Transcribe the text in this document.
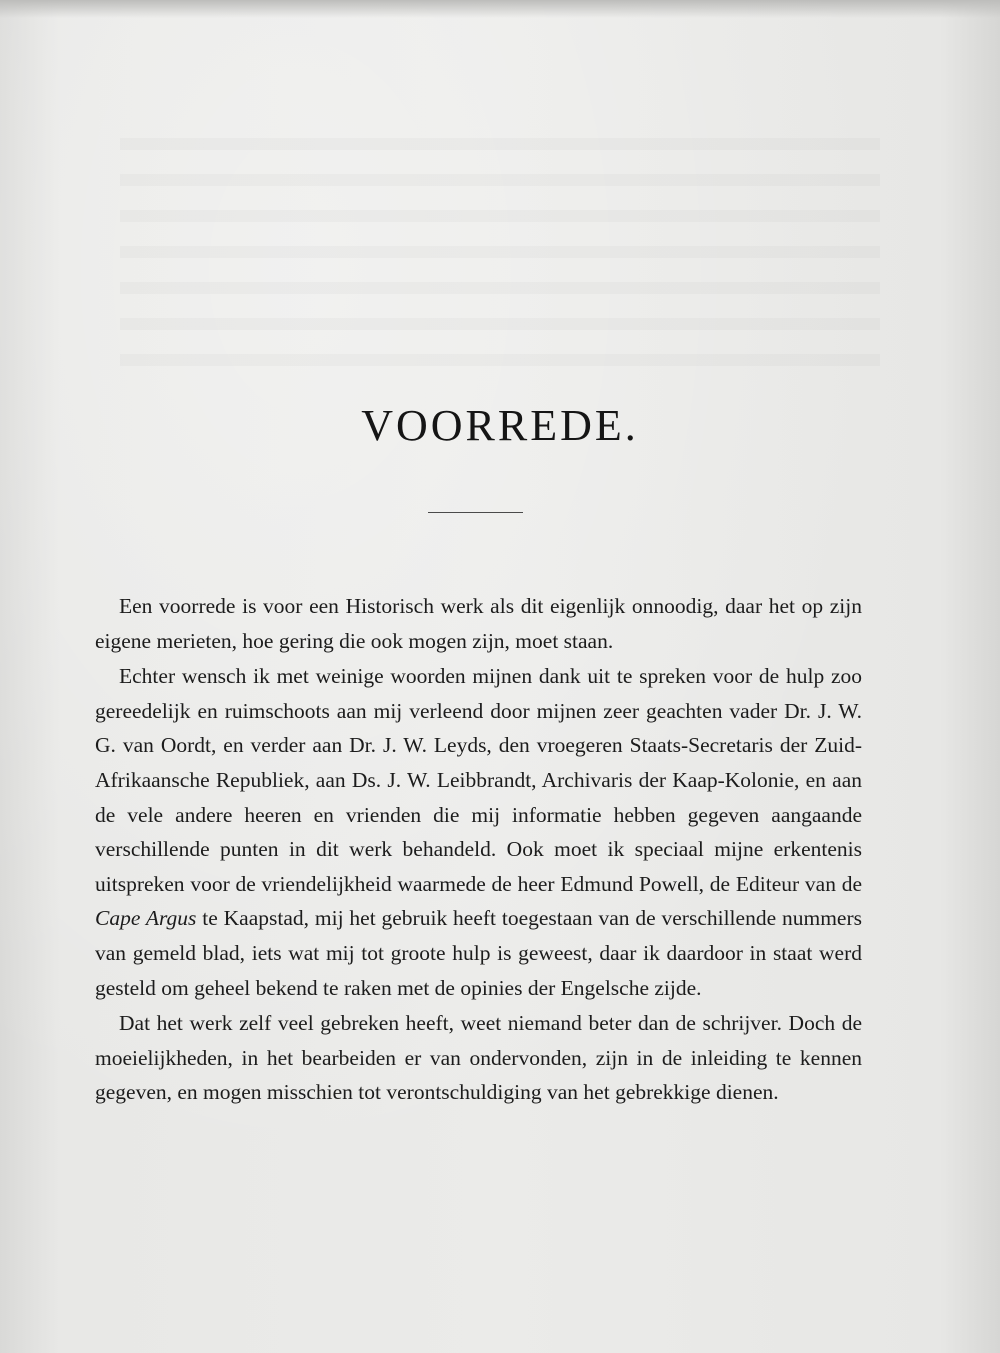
VOORREDE.

Een voorrede is voor een Historisch werk als dit eigenlijk onnoodig, daar het op zijn eigene merieten, hoe gering die ook mogen zijn, moet staan.

Echter wensch ik met weinige woorden mijnen dank uit te spreken voor de hulp zoo gereedelijk en ruimschoots aan mij verleend door mijnen zeer geachten vader Dr. J. W. G. van Oordt, en verder aan Dr. J. W. Leyds, den vroegeren Staats-Secretaris der Zuid-Afrikaansche Republiek, aan Ds. J. W. Leibbrandt, Archivaris der Kaap-Kolonie, en aan de vele andere heeren en vrienden die mij informatie hebben gegeven aangaande verschillende punten in dit werk behandeld. Ook moet ik speciaal mijne erkentenis uitspreken voor de vriendelijkheid waarmede de heer Edmund Powell, de Editeur van de Cape Argus te Kaapstad, mij het gebruik heeft toegestaan van de verschillende nummers van gemeld blad, iets wat mij tot groote hulp is geweest, daar ik daardoor in staat werd gesteld om geheel bekend te raken met de opinies der Engelsche zijde.

Dat het werk zelf veel gebreken heeft, weet niemand beter dan de schrijver. Doch de moeielijkheden, in het bearbeiden er van ondervonden, zijn in de inleiding te kennen gegeven, en mogen misschien tot verontschuldiging van het gebrekkige dienen.
